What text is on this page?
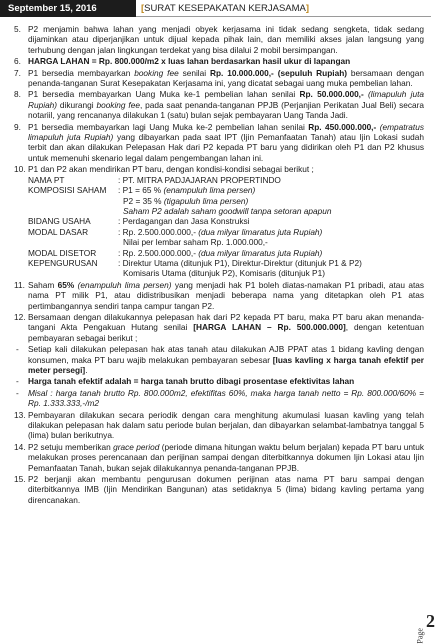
September 15, 2016	[SURAT KESEPAKATAN KERJASAMA]
5. P2 menjamin bahwa lahan yang menjadi obyek kerjasama ini tidak sedang sengketa, tidak sedang dijaminkan atau diperjanjikan untuk dijual kepada pihak lain, dan memiliki akses jalan langsung yang terhubung dengan jalan lingkungan terdekat yang bisa dilalui 2 mobil bersimpangan.
6. HARGA LAHAN = Rp. 800.000/m2 x luas lahan berdasarkan hasil ukur di lapangan
7. P1 bersedia membayarkan booking fee senilai Rp. 10.000.000,- (sepuluh Rupiah) bersamaan dengan penanda-tanganan Surat Kesepakatan Kerjasama ini, yang dicatat sebagai uang muka pembelian lahan.
8. P1 bersedia membayarkan Uang Muka ke-1 pembelian lahan senilai Rp. 50.000.000,- (limapuluh juta Rupiah) dikurangi booking fee, pada saat penanda-tanganan PPJB (Perjanjian Perikatan Jual Beli) secara notariil, yang rencananya dilakukan 1 (satu) bulan sejak pembayaran Uang Tanda Jadi.
9. P1 bersedia membayarkan lagi Uang Muka ke-2 pembelian lahan senilai Rp. 450.000.000,- (empatratus limapuluh juta Rupiah) yang dibayarkan pada saat IPT (Ijin Pemanfaatan Tanah) atau Ijin Lokasi sudah terbit dan akan dilakukan Pelepasan Hak dari P2 kepada PT baru yang didirikan oleh P1 dan P2 khusus untuk memenuhi skenario legal dalam pengembangan lahan ini.
10. P1 dan P2 akan mendirikan PT baru, dengan kondisi-kondisi sebagai berikut ;
NAMA PT	: PT. MITRA PADJAJARAN PROPERTINDO
KOMPOSISI SAHAM	: P1 = 65 % (enampuluh lima persen)
P2 = 35 % (tigapuluh lima persen)
Saham P2 adalah saham goodwill tanpa setoran apapun
BIDANG USAHA	: Perdagangan dan Jasa Konstruksi
MODAL DASAR	: Rp. 2.500.000.000,- (dua milyar limaratus juta Rupiah)
Nilai per lembar saham Rp. 1.000.000,-
MODAL DISETOR	: Rp. 2.500.000.000,- (dua milyar limaratus juta Rupiah)
KEPENGURUSAN	: Direktur Utama (ditunjuk P1), Direktur-Direktur (ditunjuk P1 & P2)
Komisaris Utama (ditunjuk P2), Komisaris (ditunjuk P1)
11. Saham 65% (enampuluh lima persen) yang menjadi hak P1 boleh diatas-namakan P1 pribadi, atau atas nama PT milik P1, atau didistribusikan menjadi beberapa nama yang ditetapkan oleh P1 atas pertimbangannya sendiri tanpa campur tangan P2.
12. Bersamaan dengan dilakukannya pelepasan hak dari P2 kepada PT baru, maka PT baru akan menanda-tangani Akta Pengakuan Hutang senilai [HARGA LAHAN – Rp. 500.000.000], dengan ketentuan pembayaran sebagai berikut ;
- Setiap kali dilakukan pelepasan hak atas tanah atau dilakukan AJB PPAT atas 1 bidang kavling dengan konsumen, maka PT baru wajib melakukan pembayaran sebesar [luas kavling x harga tanah efektif per meter persegi].
- Harga tanah efektif adalah = harga tanah brutto dibagi prosentase efektivitas lahan
- Misal : harga tanah brutto Rp. 800.000m2, efektifitas 60%, maka harga tanah netto = Rp. 800.000/60% = Rp. 1.333.333,-/m2
13. Pembayaran dilakukan secara periodik dengan cara menghitung akumulasi luasan kavling yang telah dilakukan pelepasan hak dalam satu periode bulan berjalan, dan dibayarkan selambat-lambatnya tanggal 5 (lima) bulan berikutnya.
14. P2 setuju memberikan grace period (periode dimana hitungan waktu belum berjalan) kepada PT baru untuk melakukan proses perencanaan dan perijinan sampai dengan diterbitkannya dokumen Ijin Lokasi atau Ijin Pemanfaatan Tanah, bukan sejak dilakukannya penanda-tanganan PPJB.
15. P2 berjanji akan membantu pengurusan dokumen perijinan atas nama PT baru sampai dengan diterbitkannya IMB (Ijin Mendirikan Bangunan) atas setidaknya 5 (lima) bidang kavling pertama yang direncanakan.
Page
2
